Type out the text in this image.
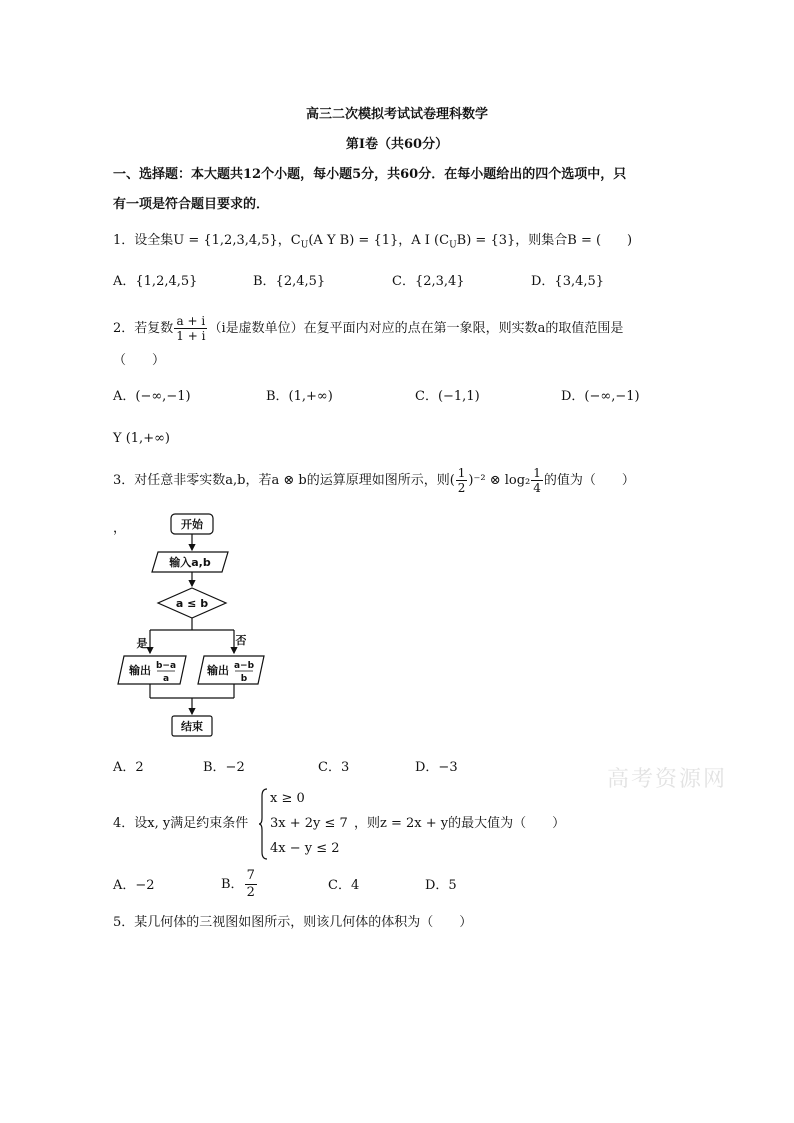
高三二次模拟考试试卷理科数学
第Ⅰ卷（共60分）
一、选择题：本大题共12个小题，每小题5分，共60分．在每小题给出的四个选项中，只
有一项是符合题目要求的．
1．设全集U = {1,2,3,4,5}，$C_U(A$ Y B) = {1}，A I $(C_UB) = \{3\}$，则集合B = (　　)
A．{1,2,4,5}	B．{2,4,5}	C．{2,3,4}	D．{3,4,5}
2．若复数 $\frac{a + i}{1 + i} (i$是虚数单位）在复平面内对应的点在第一象限，则实数a的取值范围是
（　　）
A．(−∞,−1)	B．(1,+∞)	C．(−1,1)	D．(−∞,−1)
Y (1,+∞)
3．对任意非零实数a,b，若a ⊗ b的运算原理如图所示，则( $\frac{1}{2} )^{-2}$ ⊗ $\log_2 \frac{1}{4}$ 的值为（　　）
，	开始
输入a,b
a ≤ b
是	否
输出 b−a
a
输出 a−b
b
结束
A．2	B．−2	C．3	D．−3	高考资源网
4．设x, y满足约束条件
x ≥ 0
3x + 2y ≤ 7
4x − y ≤ 2
，则z = 2x + y的最大值为（　　）
A．−2	B． $\frac{7}{2}$	C．4	D．5
5．某几何体的三视图如图所示，则该几何体的体积为（　　）
